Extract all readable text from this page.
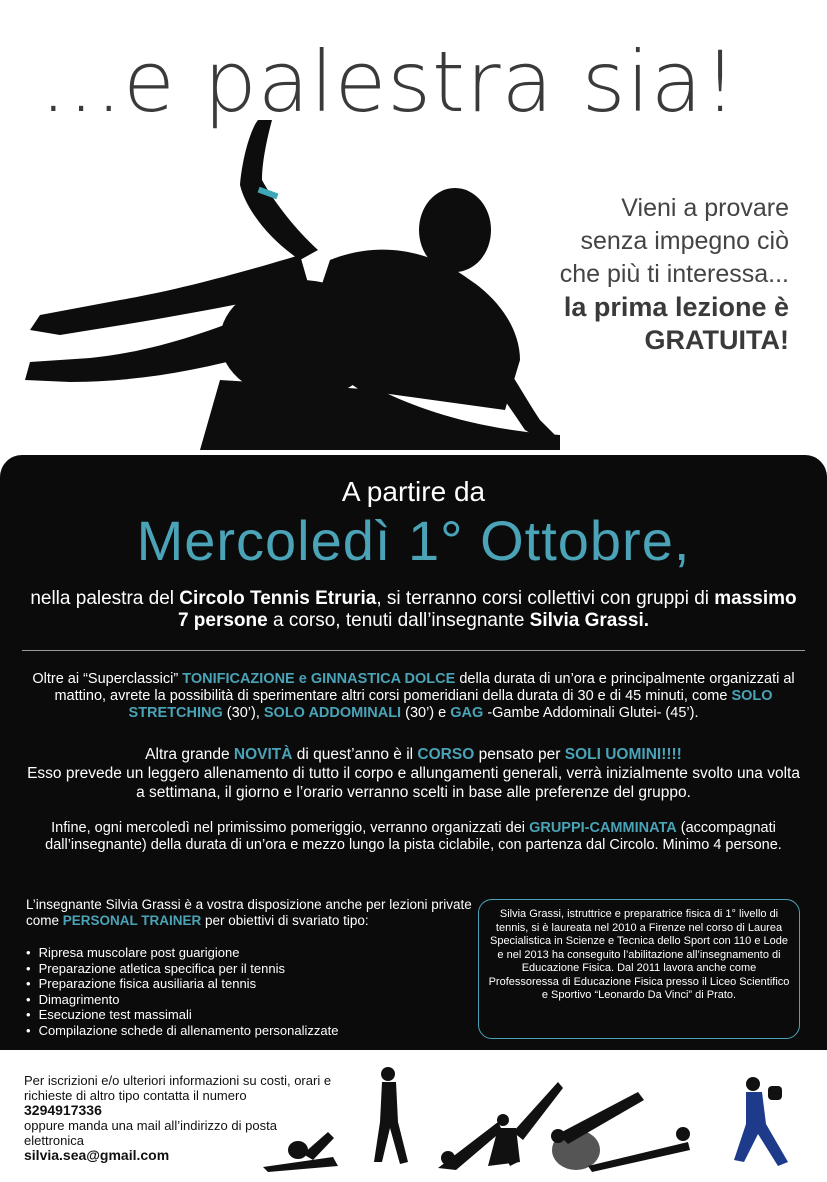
...e palestra sia!
Vieni a provare
senza impegno ciò
che più ti interessa...
la prima lezione è
GRATUITA!
A partire da
Mercoledì 1° Ottobre,
nella palestra del Circolo Tennis Etruria, si terranno corsi collettivi con gruppi di massimo 7 persone a corso, tenuti dall’insegnante Silvia Grassi.
Oltre ai “Superclassici” TONIFICAZIONE e GINNASTICA DOLCE della durata di un’ora e principalmente organizzati al mattino, avrete la possibilità di sperimentare altri corsi pomeridiani della durata di 30 e di 45 minuti, come SOLO STRETCHING (30’), SOLO ADDOMINALI (30’) e GAG -Gambe Addominali Glutei- (45’).
Altra grande NOVITÀ di quest’anno è il CORSO pensato per SOLI UOMINI!!!!
Esso prevede un leggero allenamento di tutto il corpo e allungamenti generali, verrà inizialmente svolto una volta a settimana, il giorno e l’orario verranno scelti in base alle preferenze del gruppo.
Infine, ogni mercoledì nel primissimo pomeriggio, verranno organizzati dei GRUPPI-CAMMINATA (accompagnati dall’insegnante) della durata di un’ora e mezzo lungo la pista ciclabile, con partenza dal Circolo. Minimo 4 persone.
L’insegnante Silvia Grassi è a vostra disposizione anche per lezioni private come PERSONAL TRAINER per obiettivi di svariato tipo:
• Ripresa muscolare post guarigione
• Preparazione atletica specifica per il tennis
• Preparazione fisica ausiliaria al tennis
• Dimagrimento
• Esecuzione test massimali
• Compilazione schede di allenamento personalizzate
Silvia Grassi, istruttrice e preparatrice fisica di 1° livello di tennis, si è laureata nel 2010 a Firenze nel corso di Laurea Specialistica in Scienze e Tecnica dello Sport con 110 e Lode e nel 2013 ha conseguito l’abilitazione all’insegnamento di Educazione Fisica. Dal 2011 lavora anche come Professoressa di Educazione Fisica presso il Liceo Scientifico e Sportivo “Leonardo Da Vinci” di Prato.
Per iscrizioni e/o ulteriori informazioni su costi, orari e richieste di altro tipo contatta il numero
3294917336
oppure manda una mail all’indirizzo di posta elettronica
silvia.sea@gmail.com
